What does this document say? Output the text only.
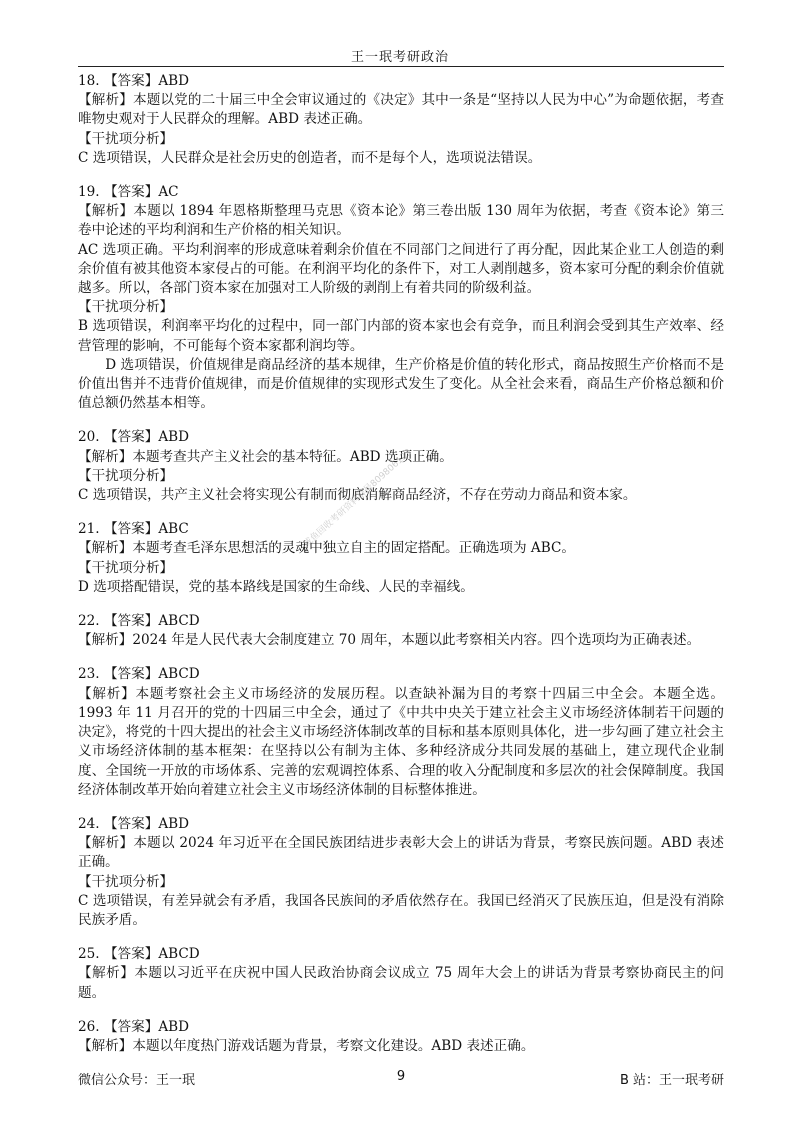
王一珉考研政治

18. 【答案】ABD

【解析】本题以党的二十届三中全会审议通过的《决定》其中一条是“坚持以人民为中心”为命题依据，考查唯物史观对于人民群众的理解。ABD 表述正确。

【干扰项分析】

C 选项错误，人民群众是社会历史的创造者，而不是每个人，选项说法错误。

19. 【答案】AC

【解析】本题以 1894 年恩格斯整理马克思《资本论》第三卷出版 130 周年为依据，考查《资本论》第三卷中论述的平均利润和生产价格的相关知识。

AC 选项正确。平均利润率的形成意味着剩余价值在不同部门之间进行了再分配，因此某企业工人创造的剩余价值有被其他资本家侵占的可能。在利润平均化的条件下，对工人剥削越多，资本家可分配的剩余价值就越多。所以，各部门资本家在加强对工人阶级的剥削上有着共同的阶级利益。

【干扰项分析】

B 选项错误，利润率平均化的过程中，同一部门内部的资本家也会有竞争，而且利润会受到其生产效率、经营管理的影响，不可能每个资本家都利润均等。

D 选项错误，价值规律是商品经济的基本规律，生产价格是价值的转化形式，商品按照生产价格而不是价值出售并不违背价值规律，而是价值规律的实现形式发生了变化。从全社会来看，商品生产价格总额和价值总额仍然基本相等。

20. 【答案】ABD

【解析】本题考查共产主义社会的基本特征。ABD 选项正确。

【干扰项分析】

C 选项错误，共产主义社会将实现公有制而彻底消解商品经济，不存在劳动力商品和资本家。

21. 【答案】ABC

【解析】本题考查毛泽东思想活的灵魂中独立自主的固定搭配。正确选项为 ABC。

【干扰项分析】

D 选项搭配错误，党的基本路线是国家的生命线、人民的幸福线。

22. 【答案】ABCD

【解析】2024 年是人民代表大会制度建立 70 周年，本题以此考察相关内容。四个选项均为正确表述。

23. 【答案】ABCD

【解析】本题考察社会主义市场经济的发展历程。以查缺补漏为目的考察十四届三中全会。本题全选。1993 年 11 月召开的党的十四届三中全会，通过了《中共中央关于建立社会主义市场经济体制若干问题的决定》，将党的十四大提出的社会主义市场经济体制改革的目标和基本原则具体化，进一步勾画了建立社会主义市场经济体制的基本框架：在坚持以公有制为主体、多种经济成分共同发展的基础上，建立现代企业制度、全国统一开放的市场体系、完善的宏观调控体系、合理的收入分配制度和多层次的社会保障制度。我国经济体制改革开始向着建立社会主义市场经济体制的目标整体推进。

24. 【答案】ABD

【解析】本题以 2024 年习近平在全国民族团结进步表彰大会上的讲话为背景，考察民族问题。ABD 表述正确。

【干扰项分析】

C 选项错误，有差异就会有矛盾，我国各民族间的矛盾依然存在。我国已经消灭了民族压迫，但是没有消除民族矛盾。

25. 【答案】ABCD

【解析】本题以习近平在庆祝中国人民政治协商会议成立 75 周年大会上的讲话为背景考察协商民主的问题。

26. 【答案】ABD

【解析】本题以年度热门游戏话题为背景，考察文化建设。ABD 表述正确。

咸鱼回收考研资料群号809806123
微信公众号：王一珉	9	B 站：王一珉考研
